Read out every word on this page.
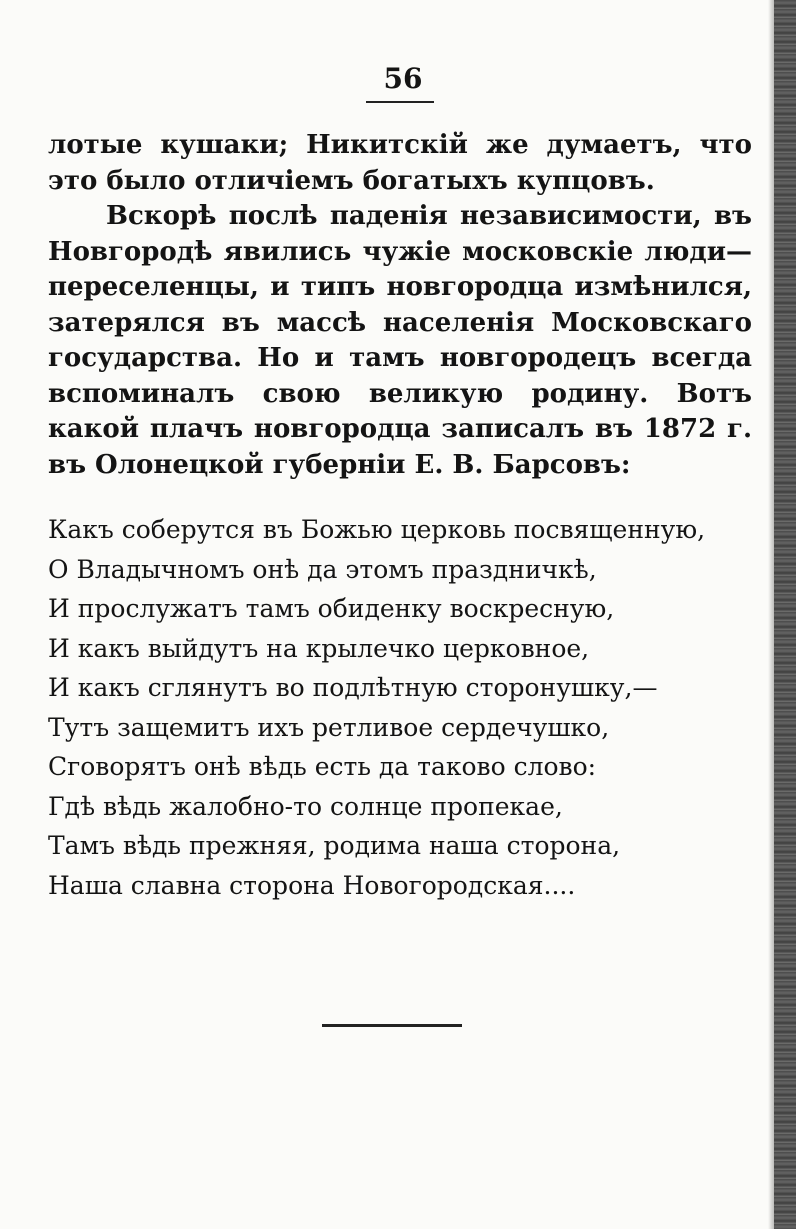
56

лотые кушаки; Никитскій же думаетъ, что это было отличіемъ богатыхъ купцовъ.

Вскорѣ послѣ паденія независимости, въ Новгородѣ явились чужіе московскіе люди—переселенцы, и типъ новгородца измѣнился, затерялся въ массѣ населенія Московскаго государства. Но и тамъ новгородецъ всегда вспоминалъ свою великую родину. Вотъ какой плачъ новгородца записалъ въ 1872 г. въ Олонецкой губерніи Е. В. Барсовъ:

Какъ соберутся въ Божью церковь посвященную,
О Владычномъ онѣ да этомъ праздничкѣ,
И прослужатъ тамъ обиденку воскресную,
И какъ выйдутъ на крылечко церковное,
И какъ сглянутъ во подлѣтную сторонушку,—
Тутъ защемитъ ихъ ретливое сердечушко,
Сговорятъ онѣ вѣдь есть да таково слово:
Гдѣ вѣдь жалобно-то солнце пропекае,
Тамъ вѣдь прежняя, родима наша сторона,
Наша славна сторона Новогородская....
